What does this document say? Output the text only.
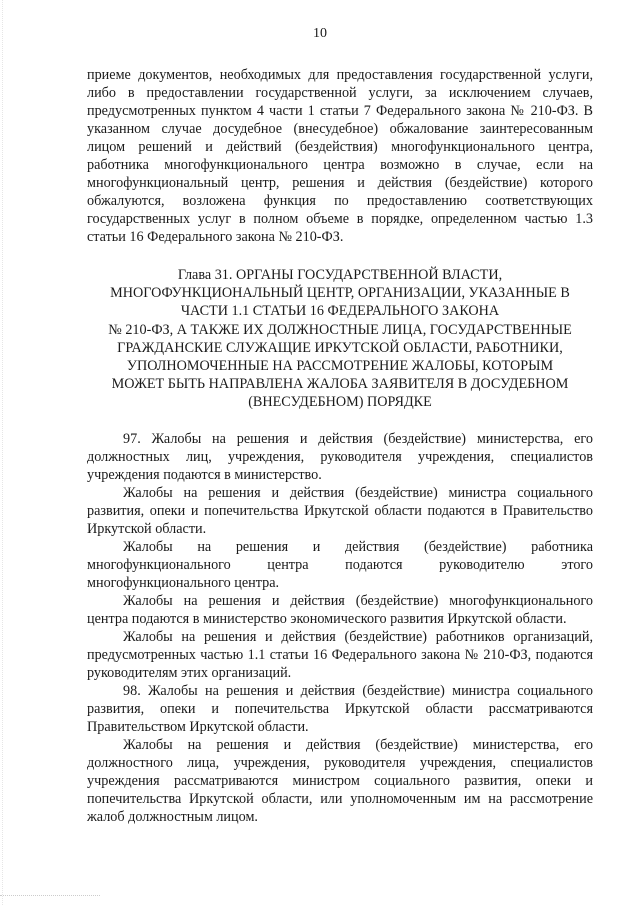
10

приеме документов, необходимых для предоставления государственной услуги, либо в предоставлении государственной услуги, за исключением случаев, предусмотренных пунктом 4 части 1 статьи 7 Федерального закона № 210-ФЗ. В указанном случае досудебное (внесудебное) обжалование заинтересованным лицом решений и действий (бездействия) многофункционального центра, работника многофункционального центра возможно в случае, если на многофункциональный центр, решения и действия (бездействие) которого обжалуются, возложена функция по предоставлению соответствующих государственных услуг в полном объеме в порядке, определенном частью 1.3 статьи 16 Федерального закона № 210-ФЗ.

Глава 31. ОРГАНЫ ГОСУДАРСТВЕННОЙ ВЛАСТИ,
МНОГОФУНКЦИОНАЛЬНЫЙ ЦЕНТР, ОРГАНИЗАЦИИ, УКАЗАННЫЕ В
ЧАСТИ 1.1 СТАТЬИ 16 ФЕДЕРАЛЬНОГО ЗАКОНА
№ 210-ФЗ, А ТАКЖЕ ИХ ДОЛЖНОСТНЫЕ ЛИЦА, ГОСУДАРСТВЕННЫЕ
ГРАЖДАНСКИЕ СЛУЖАЩИЕ ИРКУТСКОЙ ОБЛАСТИ, РАБОТНИКИ,
УПОЛНОМОЧЕННЫЕ НА РАССМОТРЕНИЕ ЖАЛОБЫ, КОТОРЫМ
МОЖЕТ БЫТЬ НАПРАВЛЕНА ЖАЛОБА ЗАЯВИТЕЛЯ В ДОСУДЕБНОМ
(ВНЕСУДЕБНОМ) ПОРЯДКЕ

97. Жалобы на решения и действия (бездействие) министерства, его должностных лиц, учреждения, руководителя учреждения, специалистов учреждения подаются в министерство.

Жалобы на решения и действия (бездействие) министра социального развития, опеки и попечительства Иркутской области подаются в Правительство Иркутской области.

Жалобы на решения и действия (бездействие) работника многофункционального центра подаются руководителю этого многофункционального центра.

Жалобы на решения и действия (бездействие) многофункционального центра подаются в министерство экономического развития Иркутской области.

Жалобы на решения и действия (бездействие) работников организаций, предусмотренных частью 1.1 статьи 16 Федерального закона № 210-ФЗ, подаются руководителям этих организаций.

98. Жалобы на решения и действия (бездействие) министра социального развития, опеки и попечительства Иркутской области рассматриваются Правительством Иркутской области.

Жалобы на решения и действия (бездействие) министерства, его должностного лица, учреждения, руководителя учреждения, специалистов учреждения рассматриваются министром социального развития, опеки и попечительства Иркутской области, или уполномоченным им на рассмотрение жалоб должностным лицом.
